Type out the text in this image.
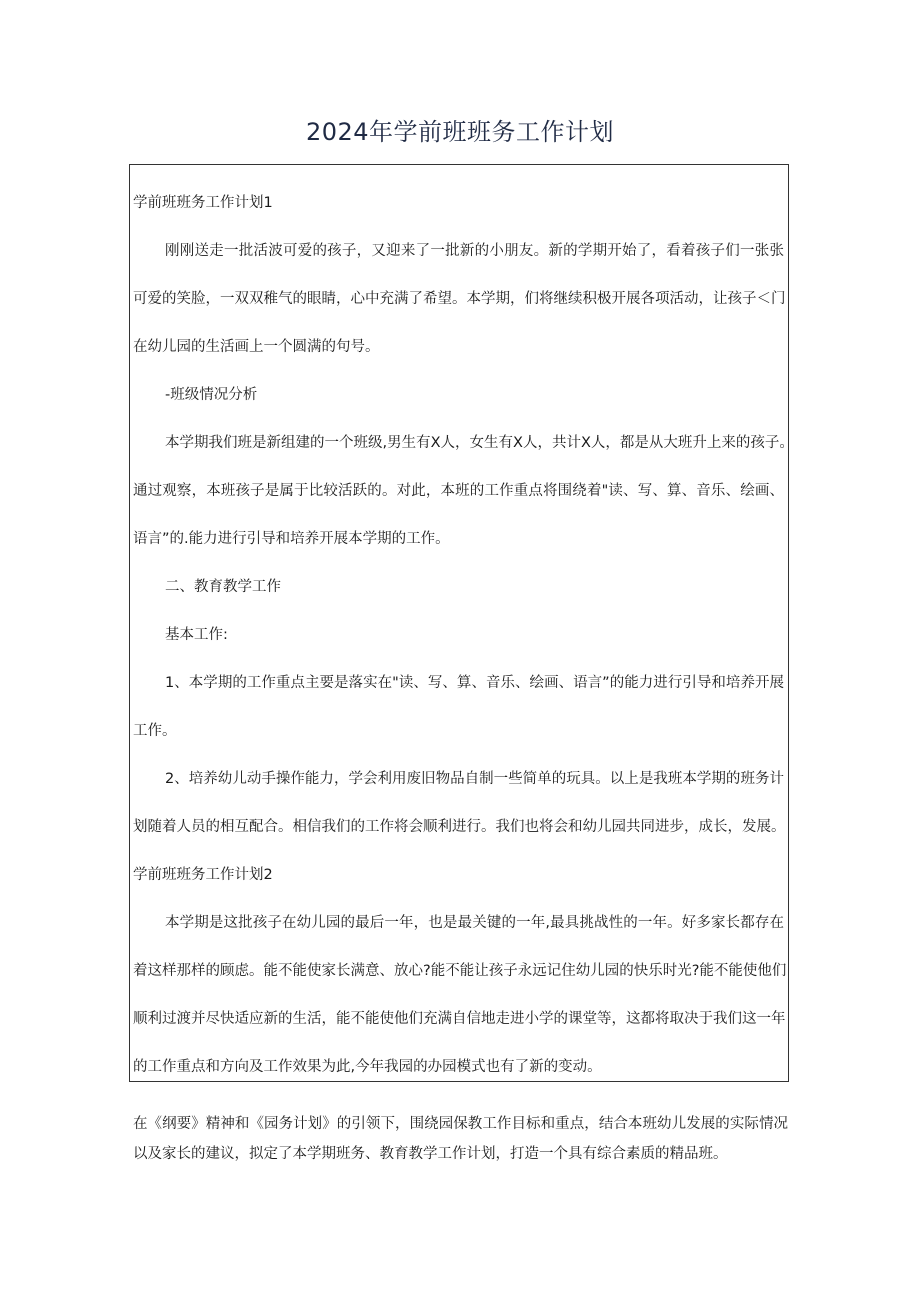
2024年学前班班务工作计划
学前班班务工作计划1
刚刚送走一批活波可爱的孩子，又迎来了一批新的小朋友。新的学期开始了，看着孩子们一张张
可爱的笑脸，一双双稚气的眼睛，心中充满了希望。本学期，们将继续积极开展各项活动，让孩子＜门
在幼儿园的生活画上一个圆满的句号。
-班级情况分析
本学期我们班是新组建的一个班级,男生有X人，女生有X人，共计X人，都是从大班升上来的孩子。
通过观察，本班孩子是属于比较活跃的。对此，本班的工作重点将围绕着"读、写、算、音乐、绘画、
语言”的.能力进行引导和培养开展本学期的工作。
二、教育教学工作
基本工作:
1、本学期的工作重点主要是落实在"读、写、算、音乐、绘画、语言”的能力进行引导和培养开展
工作。
2、培养幼儿动手操作能力，学会利用废旧物品自制一些简单的玩具。以上是我班本学期的班务计
划随着人员的相互配合。相信我们的工作将会顺利进行。我们也将会和幼儿园共同进步，成长，发展。
学前班班务工作计划2
本学期是这批孩子在幼儿园的最后一年，也是最关键的一年,最具挑战性的一年。好多家长都存在
着这样那样的顾虑。能不能使家长满意、放心?能不能让孩子永远记住幼儿园的快乐时光?能不能使他们
顺利过渡并尽快适应新的生活，能不能使他们充满自信地走进小学的课堂等，这都将取决于我们这一年
的工作重点和方向及工作效果为此,今年我园的办园模式也有了新的变动。
在《纲要》精神和《园务计划》的引领下，围绕园保教工作目标和重点，结合本班幼儿发展的实际情况
以及家长的建议，拟定了本学期班务、教育教学工作计划，打造一个具有综合素质的精品班。
